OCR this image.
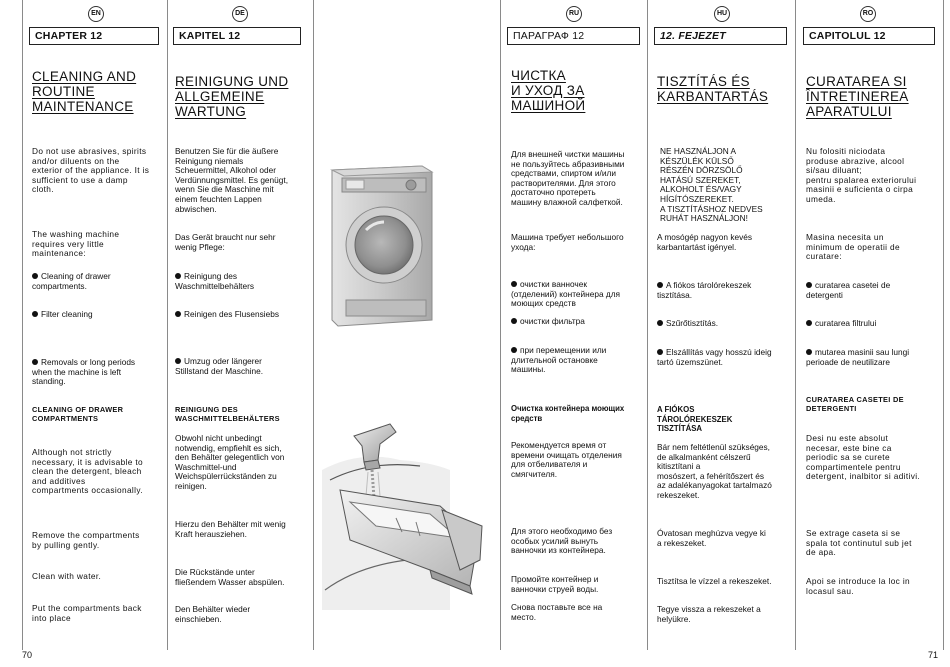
EN
CHAPTER 12
CLEANING AND
ROUTINE
MAINTENANCE
Do not use abrasives, spirits
and/or diluents on the
exterior of the appliance. It is
sufficient to use a damp
cloth.
The washing machine
requires very little
maintenance:
Cleaning of drawer
compartments.
Filter cleaning
Removals or long periods
when the machine is left
standing.
CLEANING OF DRAWER
COMPARTMENTS
Although not strictly
necessary, it is advisable to
clean the detergent, bleach
and additives
compartments occasionally.
Remove the compartments
by pulling gently.
Clean with water.
Put the compartments back
into place
70
DE
KAPITEL 12
REINIGUNG UND
ALLGEMEINE
WARTUNG
Benutzen Sie für die äußere
Reinigung niemals
Scheuermittel, Alkohol oder
Verdünnungsmittel. Es genügt,
wenn Sie die Maschine mit
einem feuchten Lappen
abwischen.
Das Gerät braucht nur sehr
wenig Pflege:
Reinigung des
Waschmittelbehälters
Reinigen des Flusensiebs
Umzug oder längerer
Stillstand der Maschine.
REINIGUNG DES
WASCHMITTELBEHÄLTERS
Obwohl nicht unbedingt
notwendig, empfiehlt es sich,
den Behälter gelegentlich von
Waschmittel-und
Weichspülerrückständen zu
reinigen.
Hierzu den Behälter mit wenig
Kraft herausziehen.
Die Rückstände unter
fließendem Wasser abspülen.
Den Behälter wieder
einschieben.
RU
ПАРАГРАФ 12
ЧИСТКА
И УХОД ЗА
МАШИНОЙ
Для внешней чистки машины
не пользуйтесь абразивными
средствами, спиртом и/или
растворителями. Для этого
достаточно протереть
машину влажной салфеткой.
Машина требует небольшого
ухода:
очистки ванночек
(отделений) контейнера для
моющих средств
очистки фильтра
при перемещении или
длительной остановке
машины.
Очистка контейнера моющих
средств
Рекомендуется время от
времени очищать отделения
для отбеливателя и
смягчителя.
Для этого необходимо без
особых усилий вынуть
ванночки из контейнера.
Промойте контейнер и
ванночки струей воды.
Снова поставьте все на
место.
HU
12. FEJEZET
TISZTÍTÁS ÉS
KARBANTARTÁS
NE HASZNÁLJON A
KÉSZÜLÉK KÜLSŐ
RÉSZÉN DÖRZSÖLŐ
HATÁSÚ SZEREKET,
ALKOHOLT ÉS/VAGY
HÍGÍTÓSZEREKET.
A TISZTÍTÁSHOZ NEDVES
RUHÁT HASZNÁLJON!
A mosógép nagyon kevés
karbantartást igényel.
A fiókos tárolórekeszek
tisztítása.
Szűrőtisztítás.
Elszállítás vagy hosszú ideig
tartó üzemszünet.
A FIÓKOS
TÁROLÓREKESZEK
TISZTÍTÁSA
Bár nem feltétlenül szükséges,
de alkalmanként célszerű
kitisztítani a
mosószert, a fehérítőszert és
az adalékanyagokat tartalmazó
rekeszeket.
Óvatosan meghúzva vegye ki
a rekeszeket.
Tisztítsa le vízzel a rekeszeket.
Tegye vissza a rekeszeket a
helyükre.
RO
CAPITOLUL 12
CURATAREA SI
ÎNTRETINEREA
APARATULUI
Nu folositi niciodata
produse abrazive, alcool
si/sau diluant;
pentru spalarea exteriorului
masinii e suficienta o cirpa
umeda.
Masina necesita un
minimum de operatii de
curatare:
curatarea casetei de
detergenti
curatarea filtrului
mutarea masinii sau lungi
perioade de neutilizare
CURATAREA CASETEI DE
DETERGENTI
Desi nu este absolut
necesar, este bine ca
periodic sa se curete
compartimentele pentru
detergent, inalbitor si aditivi.
Se extrage caseta si se
spala tot continutul sub jet
de apa.
Apoi se introduce la loc in
locasul sau.
71
